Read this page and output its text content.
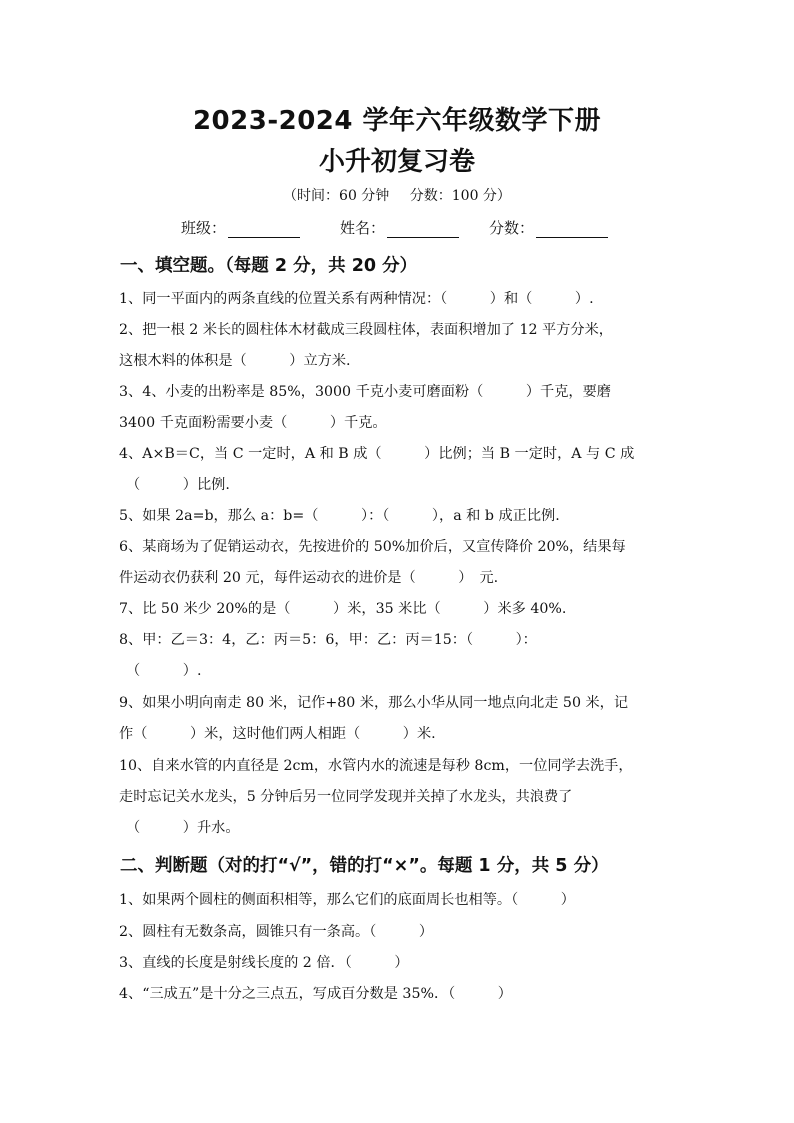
2023-2024 学年六年级数学下册
小升初复习卷
（时间：60 分钟 分数：100 分）
班级：	姓名：	分数：
一、填空题。（每题 2 分，共 20 分）
1、同一平面内的两条直线的位置关系有两种情况：（　　　）和（　　　）.
2、把一根 2 米长的圆柱体木材截成三段圆柱体，表面积增加了 12 平方分米，
这根木料的体积是（　　　）立方米.
3、4、小麦的出粉率是 85%，3000 千克小麦可磨面粉（　　　）千克，要磨
3400 千克面粉需要小麦（　　　）千克。
4、A×B＝C，当 C 一定时，A 和 B 成（　　　）比例；当 B 一定时，A 与 C 成
（　　　）比例.
5、如果 2a=b，那么 a：b=（　　　）：（　　　），a 和 b 成正比例.
6、某商场为了促销运动衣，先按进价的 50%加价后，又宣传降价 20%，结果每
件运动衣仍获利 20 元，每件运动衣的进价是（　　　）　元.
7、比 50 米少 20%的是（　　　）米，35 米比（　　　）米多 40%.
8、甲：乙＝3：4，乙：丙＝5：6，甲：乙：丙＝15：（　　　）：
（　　　）.
9、如果小明向南走 80 米，记作+80 米，那么小华从同一地点向北走 50 米，记
作（　　　）米，这时他们两人相距（　　　）米.
10、自来水管的内直径是 2cm，水管内水的流速是每秒 8cm，一位同学去洗手，
走时忘记关水龙头，5 分钟后另一位同学发现并关掉了水龙头，共浪费了
（　　　）升水。
二、判断题（对的打“√”，错的打“×”。每题 1 分，共 5 分）
1、如果两个圆柱的侧面积相等，那么它们的底面周长也相等。（　　　）
2、圆柱有无数条高，圆锥只有一条高。（　　　）
3、直线的长度是射线长度的 2 倍．（　　　）
4、“三成五”是十分之三点五，写成百分数是 35%．（　　　）
